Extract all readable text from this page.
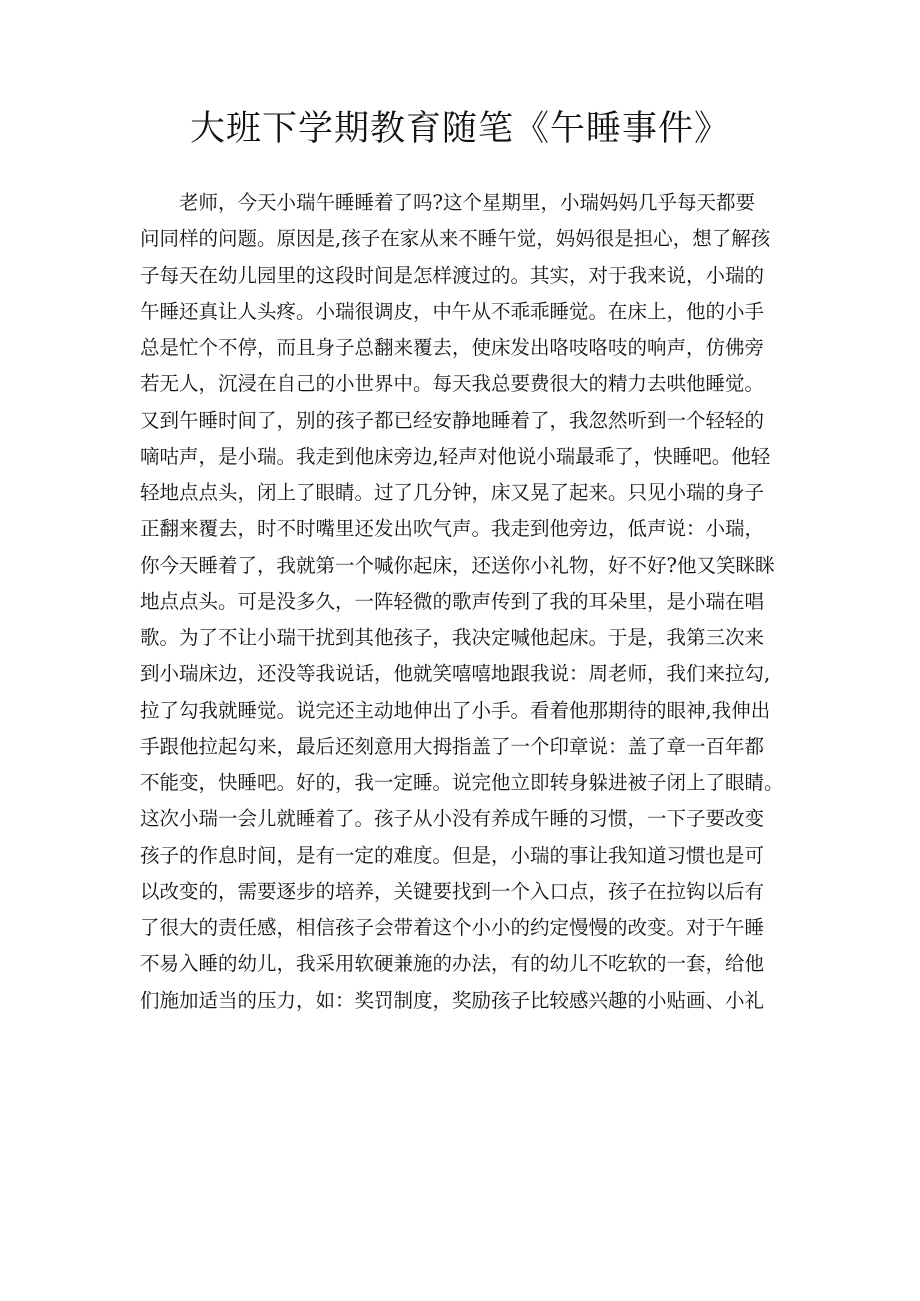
大班下学期教育随笔《午睡事件》
老师，今天小瑞午睡睡着了吗?这个星期里，小瑞妈妈几乎每天都要
问同样的问题。原因是,孩子在家从来不睡午觉，妈妈很是担心，想了解孩
子每天在幼儿园里的这段时间是怎样渡过的。其实，对于我来说，小瑞的
午睡还真让人头疼。小瑞很调皮，中午从不乖乖睡觉。在床上，他的小手
总是忙个不停，而且身子总翻来覆去，使床发出咯吱咯吱的响声，仿佛旁
若无人，沉浸在自己的小世界中。每天我总要费很大的精力去哄他睡觉。
又到午睡时间了，别的孩子都已经安静地睡着了，我忽然听到一个轻轻的
嘀咕声，是小瑞。我走到他床旁边,轻声对他说小瑞最乖了，快睡吧。他轻
轻地点点头，闭上了眼睛。过了几分钟，床又晃了起来。只见小瑞的身子
正翻来覆去，时不时嘴里还发出吹气声。我走到他旁边，低声说：小瑞，
你今天睡着了，我就第一个喊你起床，还送你小礼物，好不好?他又笑眯眯
地点点头。可是没多久，一阵轻微的歌声传到了我的耳朵里，是小瑞在唱
歌。为了不让小瑞干扰到其他孩子，我决定喊他起床。于是，我第三次来
到小瑞床边，还没等我说话，他就笑嘻嘻地跟我说：周老师，我们来拉勾,
拉了勾我就睡觉。说完还主动地伸出了小手。看着他那期待的眼神,我伸出
手跟他拉起勾来，最后还刻意用大拇指盖了一个印章说：盖了章一百年都
不能变，快睡吧。好的，我一定睡。说完他立即转身躲进被子闭上了眼睛。
这次小瑞一会儿就睡着了。孩子从小没有养成午睡的习惯，一下子要改变
孩子的作息时间，是有一定的难度。但是，小瑞的事让我知道习惯也是可
以改变的，需要逐步的培养，关键要找到一个入口点，孩子在拉钩以后有
了很大的责任感，相信孩子会带着这个小小的约定慢慢的改变。对于午睡
不易入睡的幼儿，我采用软硬兼施的办法，有的幼儿不吃软的一套，给他
们施加适当的压力，如：奖罚制度，奖励孩子比较感兴趣的小贴画、小礼
